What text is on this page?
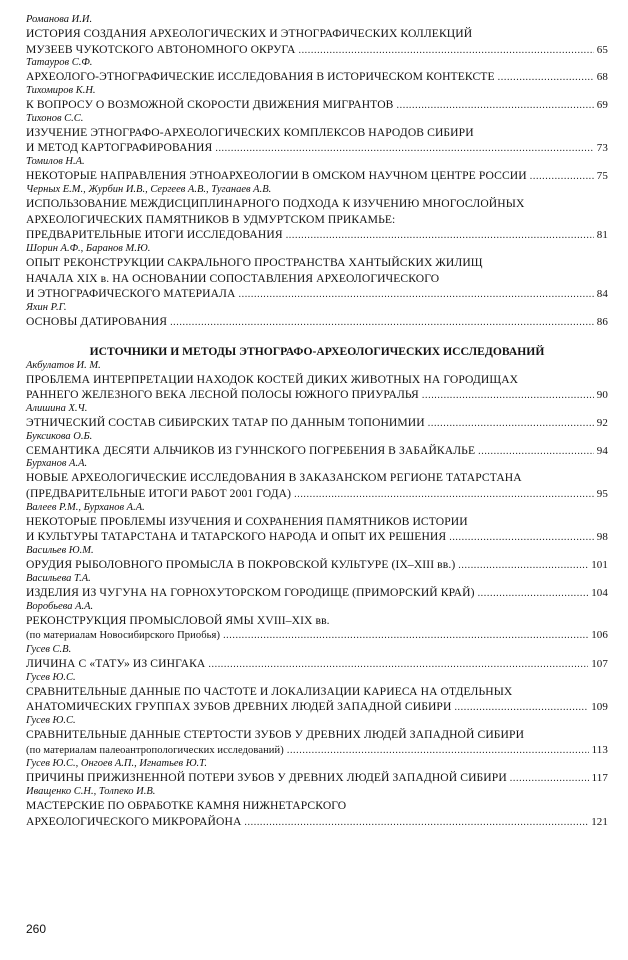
Романова И.И.
ИСТОРИЯ СОЗДАНИЯ АРХЕОЛОГИЧЕСКИХ И ЭТНОГРАФИЧЕСКИХ КОЛЛЕКЦИЙ
МУЗЕЕВ ЧУКОТСКОГО АВТОНОМНОГО ОКРУГА .....	65
Татауров С.Ф.
АРХЕОЛОГО-ЭТНОГРАФИЧЕСКИЕ ИССЛЕДОВАНИЯ В ИСТОРИЧЕСКОМ КОНТЕКСТЕ .....	68
Тихомиров К.Н.
К ВОПРОСУ О ВОЗМОЖНОЙ СКОРОСТИ ДВИЖЕНИЯ МИГРАНТОВ .....	69
Тихонов С.С.
ИЗУЧЕНИЕ ЭТНОГРАФО-АРХЕОЛОГИЧЕСКИХ КОМПЛЕКСОВ НАРОДОВ СИБИРИ
И МЕТОД КАРТОГРАФИРОВАНИЯ .....	73
Томилов Н.А.
НЕКОТОРЫЕ НАПРАВЛЕНИЯ ЭТНОАРХЕОЛОГИИ В ОМСКОМ НАУЧНОМ ЦЕНТРЕ РОССИИ .....	75
Черных Е.М., Журбин И.В., Сергеев А.В., Туганаев А.В.
ИСПОЛЬЗОВАНИЕ МЕЖДИСЦИПЛИНАРНОГО ПОДХОДА К ИЗУЧЕНИЮ МНОГОСЛОЙНЫХ
АРХЕОЛОГИЧЕСКИХ ПАМЯТНИКОВ В УДМУРТСКОМ ПРИКАМЬЕ:
ПРЕДВАРИТЕЛЬНЫЕ ИТОГИ ИССЛЕДОВАНИЯ .....	81
Шорин А.Ф., Баранов М.Ю.
ОПЫТ РЕКОНСТРУКЦИИ САКРАЛЬНОГО ПРОСТРАНСТВА ХАНТЫЙСКИХ ЖИЛИЩ
НАЧАЛА XIX в. НА ОСНОВАНИИ СОПОСТАВЛЕНИЯ АРХЕОЛОГИЧЕСКОГО
И ЭТНОГРАФИЧЕСКОГО МАТЕРИАЛА .....	84
Яхин Р.Г.
ОСНОВЫ ДАТИРОВАНИЯ .....	86
ИСТОЧНИКИ И МЕТОДЫ ЭТНОГРАФО-АРХЕОЛОГИЧЕСКИХ ИССЛЕДОВАНИЙ
Акбулатов И. М.
ПРОБЛЕМА ИНТЕРПРЕТАЦИИ НАХОДОК КОСТЕЙ ДИКИХ ЖИВОТНЫХ НА ГОРОДИЩАХ
РАННЕГО ЖЕЛЕЗНОГО ВЕКА ЛЕСНОЙ ПОЛОСЫ ЮЖНОГО ПРИУРАЛЬЯ .....	90
Алишина Х.Ч.
ЭТНИЧЕСКИЙ СОСТАВ СИБИРСКИХ ТАТАР ПО ДАННЫМ ТОПОНИМИИ .....	92
Буксикова О.Б.
СЕМАНТИКА ДЕСЯТИ АЛЬЧИКОВ ИЗ ГУННСКОГО ПОГРЕБЕНИЯ В ЗАБАЙКАЛЬЕ .....	94
Бурханов А.А.
НОВЫЕ АРХЕОЛОГИЧЕСКИЕ ИССЛЕДОВАНИЯ В ЗАКАЗАНСКОМ РЕГИОНЕ ТАТАРСТАНА
(ПРЕДВАРИТЕЛЬНЫЕ ИТОГИ РАБОТ 2001 ГОДА) .....	95
Валеев Р.М., Бурханов А.А.
НЕКОТОРЫЕ ПРОБЛЕМЫ ИЗУЧЕНИЯ И СОХРАНЕНИЯ ПАМЯТНИКОВ ИСТОРИИ
И КУЛЬТУРЫ ТАТАРСТАНА И ТАТАРСКОГО НАРОДА И ОПЫТ ИХ РЕШЕНИЯ .....	98
Васильев Ю.М.
ОРУДИЯ РЫБОЛОВНОГО ПРОМЫСЛА В ПОКРОВСКОЙ КУЛЬТУРЕ (IX–XIII вв.) .....	101
Васильева Т.А.
ИЗДЕЛИЯ ИЗ ЧУГУНА НА ГОРНОХУТОРСКОМ ГОРОДИЩЕ (ПРИМОРСКИЙ КРАЙ) .....	104
Воробьева А.А.
РЕКОНСТРУКЦИЯ ПРОМЫСЛОВОЙ ЯМЫ XVIII–XIX вв.
(по материалам Новосибирского Приобья) .....	106
Гусев С.В.
ЛИЧИНА С «ТАТУ» ИЗ СИНГАКА .....	107
Гусев Ю.С.
СРАВНИТЕЛЬНЫЕ ДАННЫЕ ПО ЧАСТОТЕ И ЛОКАЛИЗАЦИИ КАРИЕСА НА ОТДЕЛЬНЫХ
АНАТОМИЧЕСКИХ ГРУППАХ ЗУБОВ ДРЕВНИХ ЛЮДЕЙ ЗАПАДНОЙ СИБИРИ .....	109
Гусев Ю.С.
СРАВНИТЕЛЬНЫЕ ДАННЫЕ СТЕРТОСТИ ЗУБОВ У ДРЕВНИХ ЛЮДЕЙ ЗАПАДНОЙ СИБИРИ
(по материалам палеоантропологических исследований) .....	113
Гусев Ю.С., Онгоев А.П., Игнатьев Ю.Т.
ПРИЧИНЫ ПРИЖИЗНЕННОЙ ПОТЕРИ ЗУБОВ У ДРЕВНИХ ЛЮДЕЙ ЗАПАДНОЙ СИБИРИ .....	117
Иващенко С.Н., Толпеко И.В.
МАСТЕРСКИЕ ПО ОБРАБОТКЕ КАМНЯ НИЖНЕТАРСКОГО
АРХЕОЛОГИЧЕСКОГО МИКРОРАЙОНА .....	121
260
